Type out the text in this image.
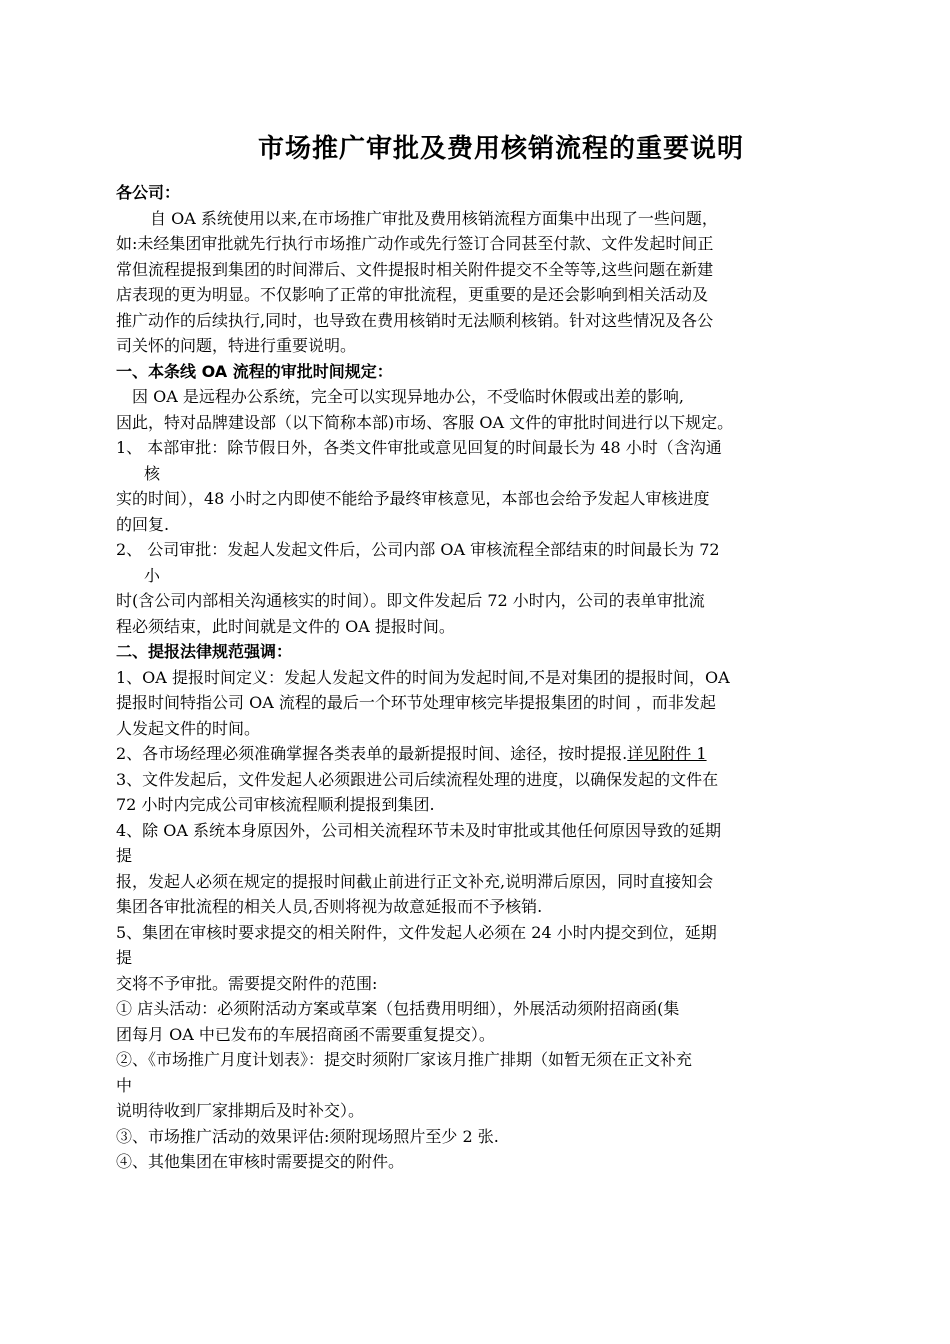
市场推广审批及费用核销流程的重要说明

各公司：

自 OA 系统使用以来,在市场推广审批及费用核销流程方面集中出现了一些问题，

如:未经集团审批就先行执行市场推广动作或先行签订合同甚至付款、文件发起时间正

常但流程提报到集团的时间滞后、文件提报时相关附件提交不全等等,这些问题在新建

店表现的更为明显。不仅影响了正常的审批流程，更重要的是还会影响到相关活动及

推广动作的后续执行,同时，也导致在费用核销时无法顺利核销。针对这些情况及各公

司关怀的问题，特进行重要说明。

一、本条线 OA 流程的审批时间规定：

因 OA 是远程办公系统，完全可以实现异地办公，不受临时休假或出差的影响,

因此，特对品牌建设部（以下简称本部)市场、客服 OA 文件的审批时间进行以下规定。

1、 本部审批：除节假日外，各类文件审批或意见回复的时间最长为 48 小时（含沟通

核

实的时间），48 小时之内即使不能给予最终审核意见，本部也会给予发起人审核进度

的回复.

2、 公司审批：发起人发起文件后，公司内部 OA 审核流程全部结束的时间最长为 72

小

时(含公司内部相关沟通核实的时间）。即文件发起后 72 小时内，公司的表单审批流

程必须结束，此时间就是文件的 OA 提报时间。

二、提报法律规范强调：

1、OA 提报时间定义：发起人发起文件的时间为发起时间,不是对集团的提报时间，OA

提报时间特指公司 OA 流程的最后一个环节处理审核完毕提报集团的时间 ，而非发起

人发起文件的时间。

2、各市场经理必须准确掌握各类表单的最新提报时间、途径，按时提报.详见附件 1

3、文件发起后，文件发起人必须跟进公司后续流程处理的进度，以确保发起的文件在

72 小时内完成公司审核流程顺利提报到集团.

4、除 OA 系统本身原因外，公司相关流程环节未及时审批或其他任何原因导致的延期

提

报，发起人必须在规定的提报时间截止前进行正文补充,说明滞后原因，同时直接知会

集团各审批流程的相关人员,否则将视为故意延报而不予核销.

5、集团在审核时要求提交的相关附件，文件发起人必须在 24 小时内提交到位，延期

提

交将不予审批。需要提交附件的范围:

① 店头活动：必须附活动方案或草案（包括费用明细），外展活动须附招商函(集

团每月 OA 中已发布的车展招商函不需要重复提交）。

②、《市场推广月度计划表》：提交时须附厂家该月推广排期（如暂无须在正文补充

中

说明待收到厂家排期后及时补交）。

③、市场推广活动的效果评估:须附现场照片至少 2 张.

④、其他集团在审核时需要提交的附件。
